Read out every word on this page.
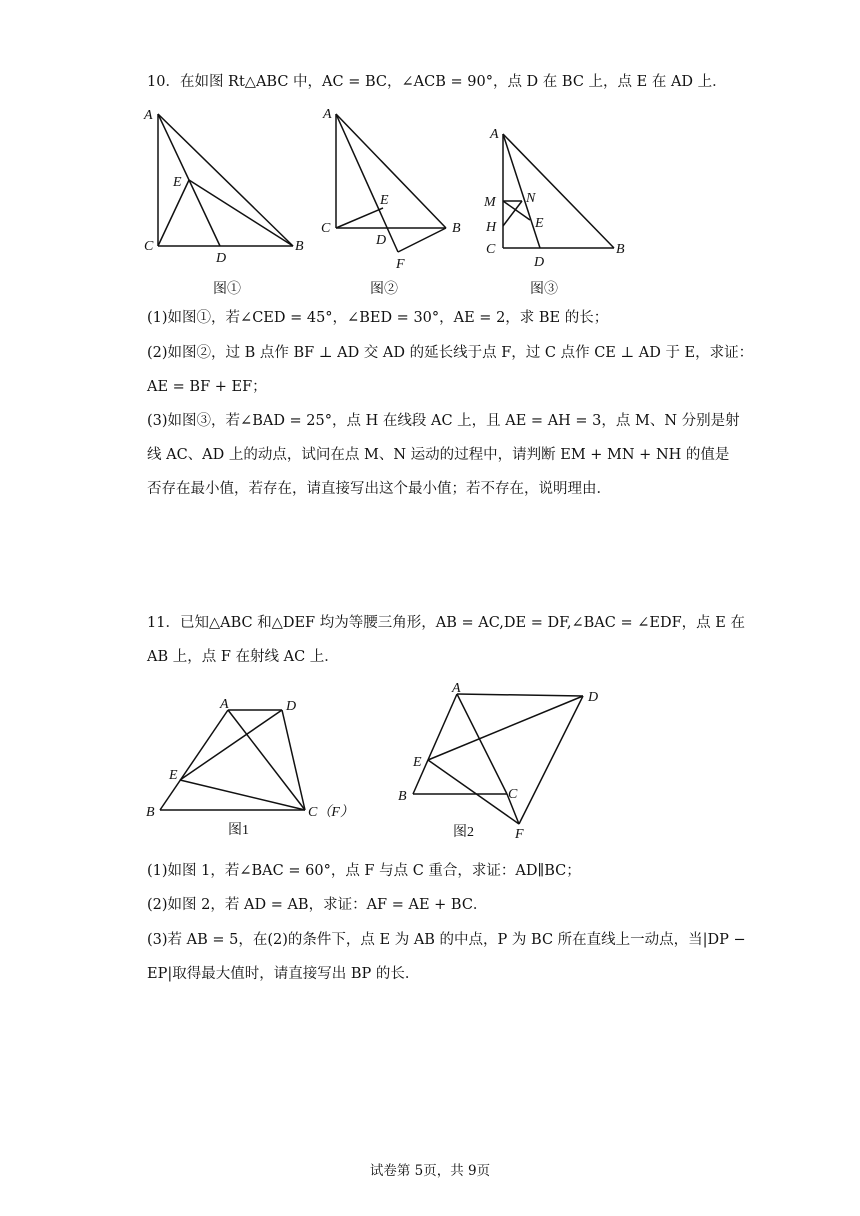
10．在如图 Rt△ABC 中，AC = BC，∠ACB = 90°，点 D 在 BC 上，点 E 在 AD 上．
A
C	B
D
E
图①
A
C	B
D
E
F
图②
A
M N
H	E
C
D
B
图③
(1)如图①，若∠CED = 45°，∠BED = 30°，AE = 2，求 BE 的长；
(2)如图②，过 B 点作 BF ⊥ AD 交 AD 的延长线于点 F，过 C 点作 CE ⊥ AD 于 E，求证：
AE = BF + EF；
(3)如图③，若∠BAD = 25°，点 H 在线段 AC 上，且 AE = AH = 3，点 M、N 分别是射
线 AC、AD 上的动点，试问在点 M、N 运动的过程中，请判断 EM + MN + NH 的值是
否存在最小值，若存在，请直接写出这个最小值；若不存在，说明理由．
11．已知△ABC 和△DEF 均为等腰三角形，AB = AC,DE = DF,∠BAC = ∠EDF，点 E 在
AB 上，点 F 在射线 AC 上．
A	D
E
B	C（F）
图1
A
D
E
B	C
F
图2
(1)如图 1，若∠BAC = 60°，点 F 与点 C 重合，求证：AD∥BC；
(2)如图 2，若 AD = AB，求证：AF = AE + BC．
(3)若 AB = 5，在(2)的条件下，点 E 为 AB 的中点，P 为 BC 所在直线上一动点，当|DP −
EP|取得最大值时，请直接写出 BP 的长．
试卷第 5页，共 9页
